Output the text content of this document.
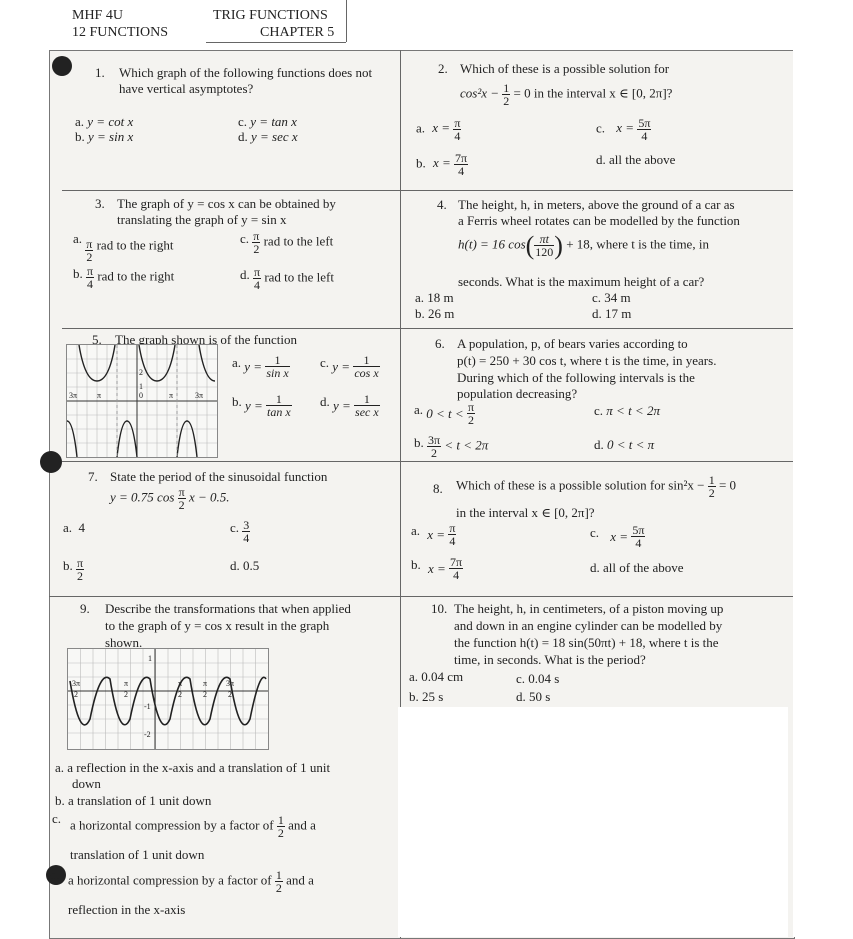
MHF 4U
12 FUNCTIONS
TRIG FUNCTIONS
CHAPTER 5
1. Which graph of the following functions does not
have vertical asymptotes?
a. y = cot x
b. y = sin x
c. y = tan x
d. y = sec x
2. Which of these is a possible solution for
$\cos^2x - \frac{1}{2} = 0$ in the interval x ∈ [0, 2π]?
a. $x = \frac{\pi}{4}$
b. $x = \frac{7\pi}{4}$
c. $x = \frac{5\pi}{4}$
d. all the above
3. The graph of y = cos x can be obtained by
translating the graph of y = sin x
a. $\frac{\pi}{2}$ rad to the right
b. $\frac{\pi}{4}$ rad to the right
c. $\frac{\pi}{2}$ rad to the left
d. $\frac{\pi}{4}$ rad to the left
4. The height, h, in meters, above the ground of a car as
a Ferris wheel rotates can be modelled by the function
h(t) = 16 $\cos( \frac{\pi t}{120}$ ) + 18, where t is the time, in
seconds. What is the maximum height of a car?
a. 18 m
b. 26 m
c. 34 m
d. 17 m
5. The graph shown is of the function
3π π	0	π	3π
2
1
a. $y = \frac{1}{\text{sin x}}$
b. $y = \frac{1}{\text{tan x}}$
c. $y = \frac{1}{\text{cos x}}$
d. $y = \frac{1}{\text{sec x}}$
6. A population, p, of bears varies according to
p(t) = 250 + 30 cos t, where t is the time, in years.
During which of the following intervals is the
population decreasing?
a. $0 < t < \frac{\pi}{2}$
b. $\frac{3\pi}{2} < t < 2\pi$
c. π < t < 2π
d. 0 < t < π
7. State the period of the sinusoidal function
y = 0.75 $\cos \frac{\pi}{2}$ x − 0.5.
a. 4
b. $\frac{\pi}{2}$
c. $\frac{3}{4}$
d. 0.5
8. Which of these is a possible solution for $\sin^2x - \frac{1}{2} = 0$
in the interval x ∈ [0, 2π]?
a. $x = \frac{\pi}{4}$
b. $x = \frac{7\pi}{4}$
c. $x = \frac{5\pi}{4}$
d. all of the above
9. Describe the transformations that when applied
to the graph of y = cos x result in the graph
shown.
3π
2
π
2
π
2
π
2
3π
2
1
-1
-2
a. a reflection in the x-axis and a translation of 1 unit
down
b. a translation of 1 unit down
c. a horizontal compression by a factor of $\frac{1}{2}$ and a
translation of 1 unit down
d. a horizontal compression by a factor of $\frac{1}{2}$ and a
reflection in the x-axis
10. The height, h, in centimeters, of a piston moving up
and down in an engine cylinder can be modelled by
the function h(t) = 18 sin(50πt) + 18, where t is the
time, in seconds. What is the period?
a. 0.04 cm
b. 25 s
c. 0.04 s
d. 50 s
